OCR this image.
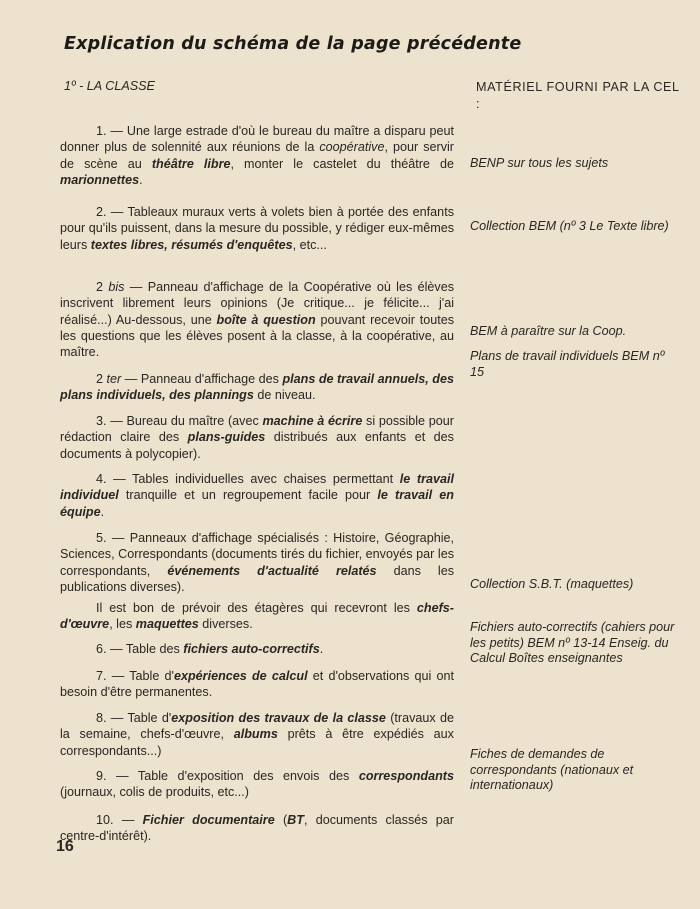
Explication du schéma de la page précédente
1º - LA CLASSE

1. — Une large estrade d'où le bureau du maître a disparu peut donner plus de solennité aux réunions de la coopérative, pour servir de scène au théâtre libre, monter le castelet du théâtre de marionnettes.

2. — Tableaux muraux verts à volets bien à portée des enfants pour qu'ils puissent, dans la mesure du possible, y rédiger eux-mêmes leurs textes libres, résumés d'enquêtes, etc...

2 bis — Panneau d'affichage de la Coopérative où les élèves inscrivent librement leurs opinions (Je critique... je félicite... j'ai réalisé...) Au-dessous, une boîte à question pouvant recevoir toutes les questions que les élèves posent à la classe, à la coopérative, au maître.

2 ter — Panneau d'affichage des plans de travail annuels, des plans individuels, des plannings de niveau.

3. — Bureau du maître (avec machine à écrire si possible pour rédaction claire des plans-guides distribués aux enfants et des documents à polycopier).

4. — Tables individuelles avec chaises permettant le travail individuel tranquille et un regroupement facile pour le travail en équipe.

5. — Panneaux d'affichage spécialisés : Histoire, Géographie, Sciences, Correspondants (documents tirés du fichier, envoyés par les correspondants, événements d'actualité relatés dans les publications diverses).

Il est bon de prévoir des étagères qui recevront les chefs-d'œuvre, les maquettes diverses.

6. — Table des fichiers auto-correctifs.

7. — Table d'expériences de calcul et d'observations qui ont besoin d'être permanentes.

8. — Table d'exposition des travaux de la classe (travaux de la semaine, chefs-d'œuvre, albums prêts à être expédiés aux correspondants...)

9. — Table d'exposition des envois des correspondants (journaux, colis de produits, etc...)

10. — Fichier documentaire (BT, documents classés par centre-d'intérêt).

MATÉRIEL FOURNI PAR LA CEL :
BENP sur tous les sujets
Collection BEM (nº 3 Le Texte libre)
BEM à paraître sur la Coop.
Plans de travail individuels BEM nº 15
Collection S.B.T. (maquettes)
Fichiers auto-correctifs (cahiers pour les petits) BEM nº 13-14 Enseig. du Calcul Boîtes enseignantes
Fiches de demandes de correspondants (nationaux et internationaux)
16
